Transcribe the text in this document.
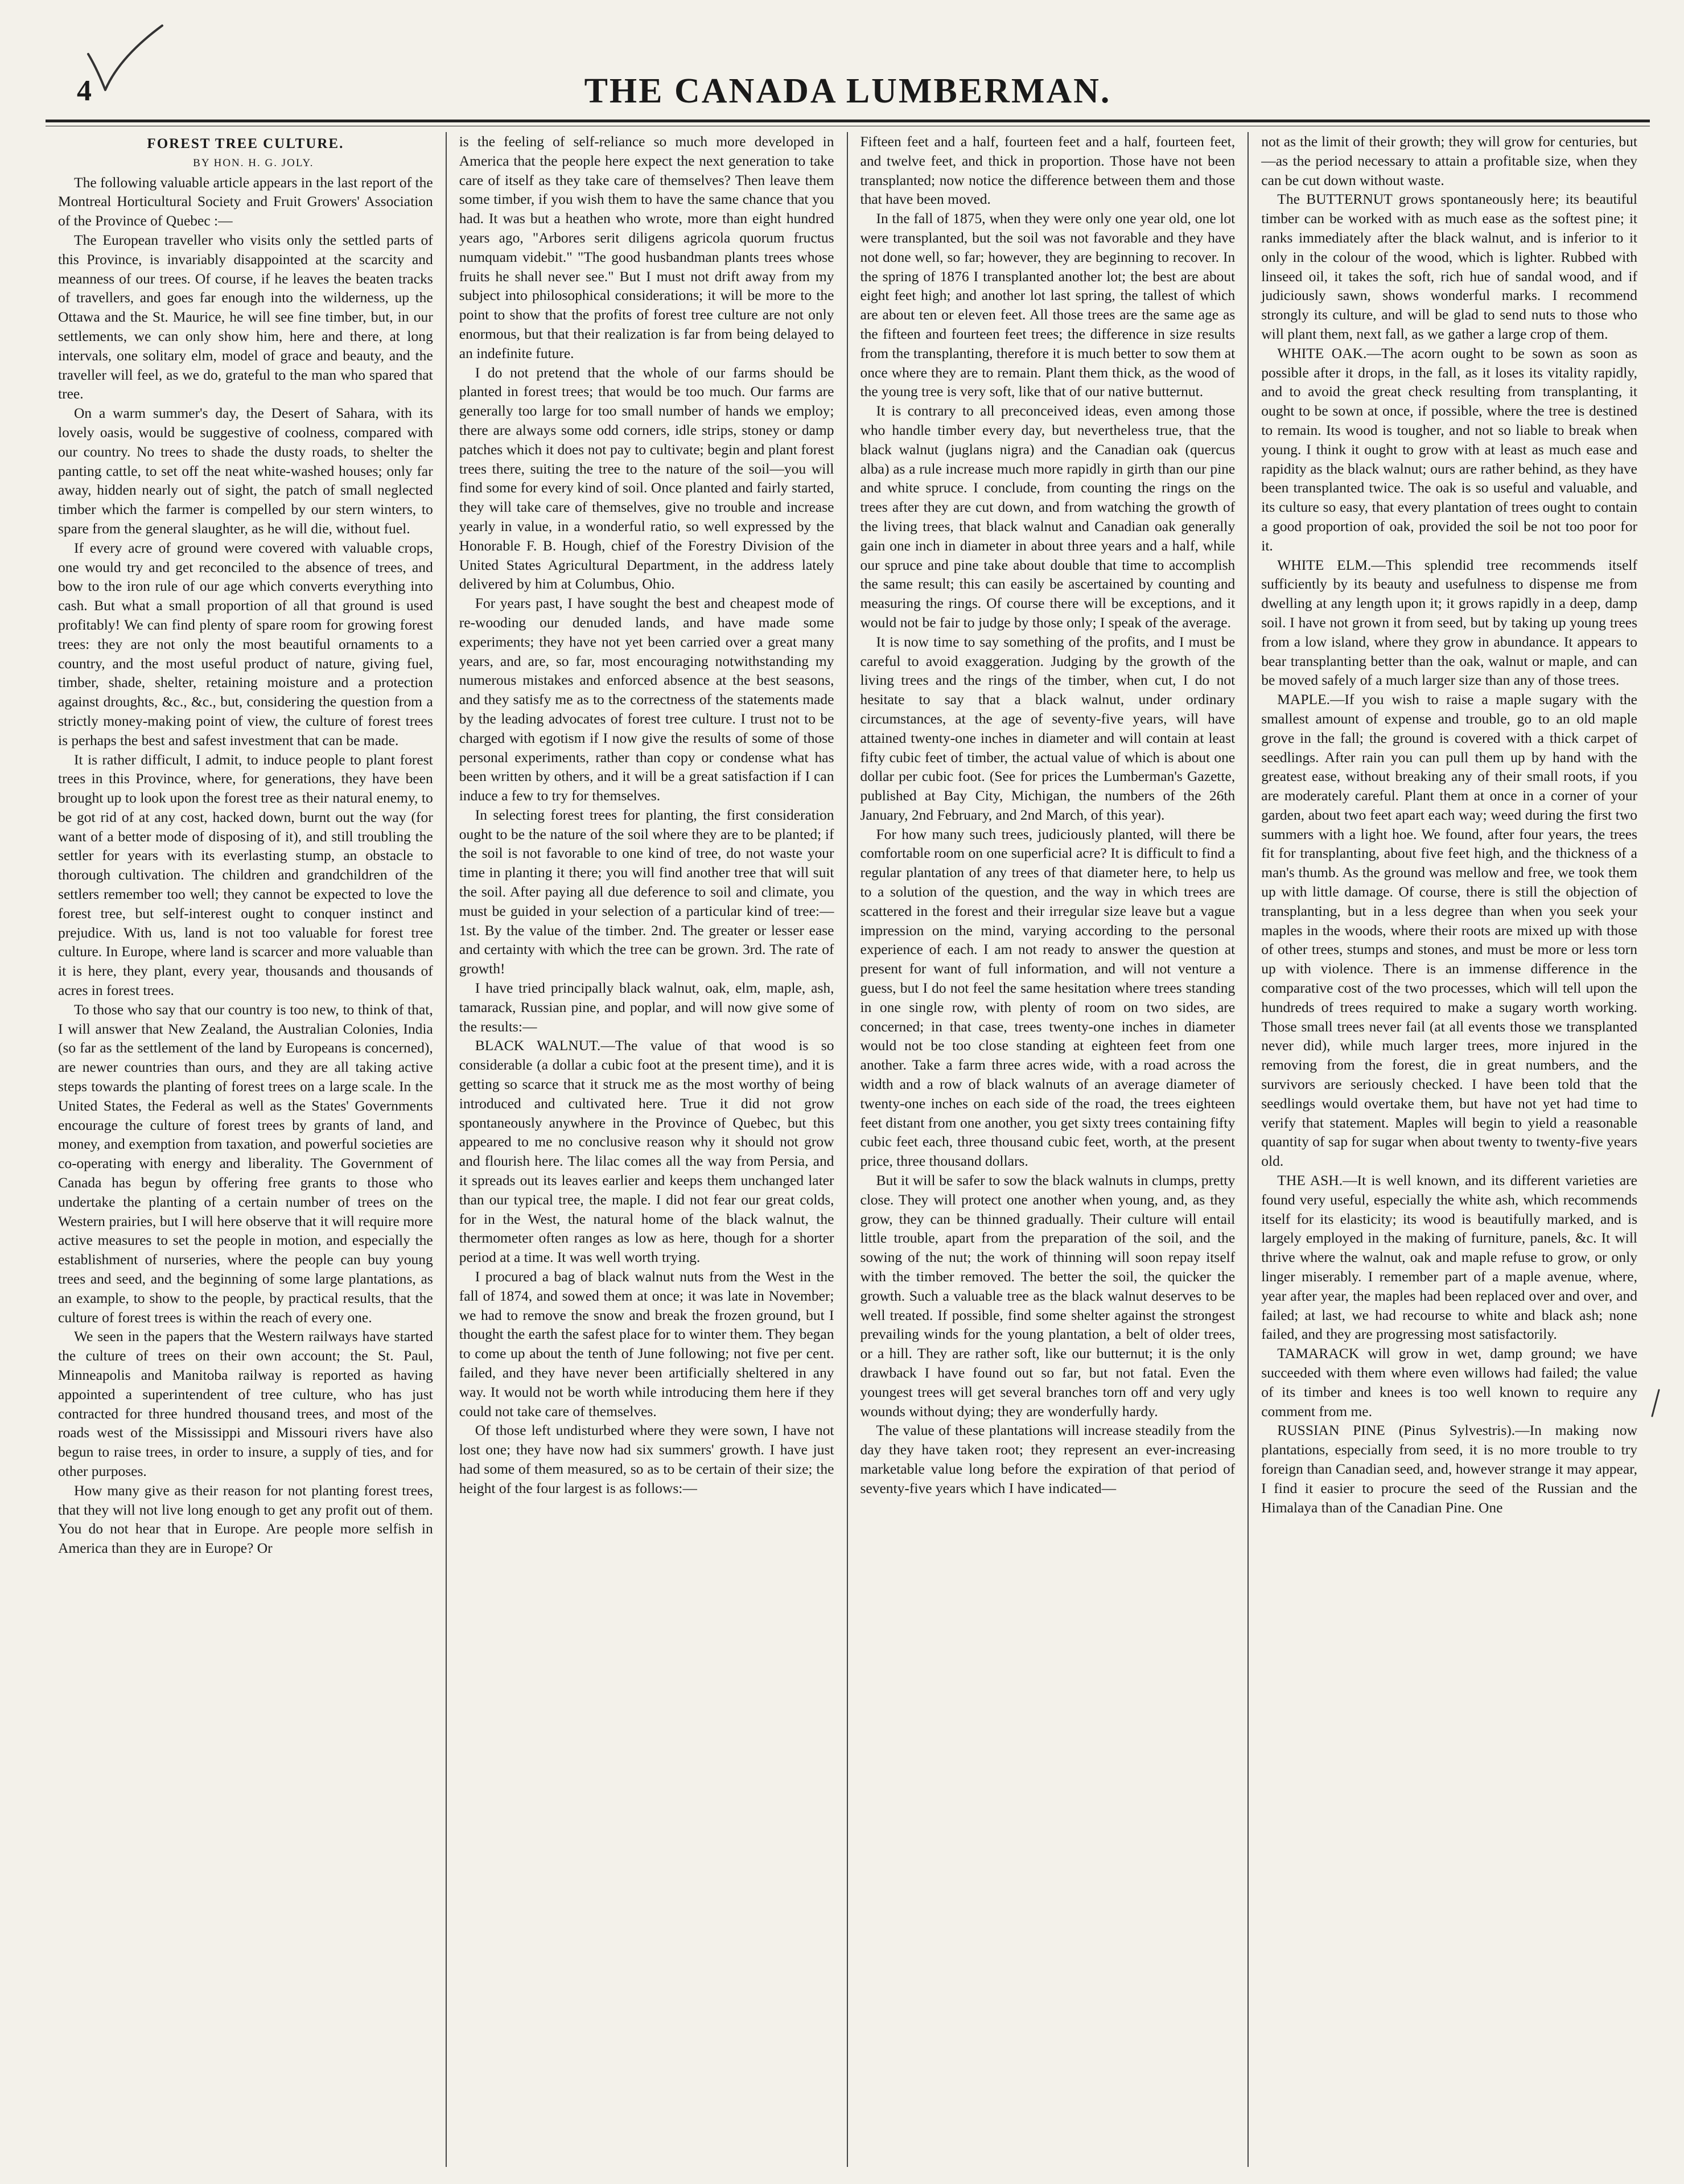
4	THE CANADA LUMBERMAN.
FOREST TREE CULTURE.

BY HON. H. G. JOLY.

The following valuable article appears in the last report of the Montreal Horticultural Society and Fruit Growers' Association of the Province of Quebec :—

The European traveller who visits only the settled parts of this Province, is invariably disappointed at the scarcity and meanness of our trees. Of course, if he leaves the beaten tracks of travellers, and goes far enough into the wilderness, up the Ottawa and the St. Maurice, he will see fine timber, but, in our settlements, we can only show him, here and there, at long intervals, one solitary elm, model of grace and beauty, and the traveller will feel, as we do, grateful to the man who spared that tree.

On a warm summer's day, the Desert of Sahara, with its lovely oasis, would be suggestive of coolness, compared with our country. No trees to shade the dusty roads, to shelter the panting cattle, to set off the neat white-washed houses; only far away, hidden nearly out of sight, the patch of small neglected timber which the farmer is compelled by our stern winters, to spare from the general slaughter, as he will die, without fuel.

If every acre of ground were covered with valuable crops, one would try and get reconciled to the absence of trees, and bow to the iron rule of our age which converts everything into cash. But what a small proportion of all that ground is used profitably! We can find plenty of spare room for growing forest trees: they are not only the most beautiful ornaments to a country, and the most useful product of nature, giving fuel, timber, shade, shelter, retaining moisture and a protection against droughts, &c., &c., but, considering the question from a strictly money-making point of view, the culture of forest trees is perhaps the best and safest investment that can be made.

It is rather difficult, I admit, to induce people to plant forest trees in this Province, where, for generations, they have been brought up to look upon the forest tree as their natural enemy, to be got rid of at any cost, hacked down, burnt out the way (for want of a better mode of disposing of it), and still troubling the settler for years with its everlasting stump, an obstacle to thorough cultivation. The children and grandchildren of the settlers remember too well; they cannot be expected to love the forest tree, but self-interest ought to conquer instinct and prejudice. With us, land is not too valuable for forest tree culture. In Europe, where land is scarcer and more valuable than it is here, they plant, every year, thousands and thousands of acres in forest trees.

To those who say that our country is too new, to think of that, I will answer that New Zealand, the Australian Colonies, India (so far as the settlement of the land by Europeans is concerned), are newer countries than ours, and they are all taking active steps towards the planting of forest trees on a large scale. In the United States, the Federal as well as the States' Governments encourage the culture of forest trees by grants of land, and money, and exemption from taxation, and powerful societies are co-operating with energy and liberality. The Government of Canada has begun by offering free grants to those who undertake the planting of a certain number of trees on the Western prairies, but I will here observe that it will require more active measures to set the people in motion, and especially the establishment of nurseries, where the people can buy young trees and seed, and the beginning of some large plantations, as an example, to show to the people, by practical results, that the culture of forest trees is within the reach of every one.

We seen in the papers that the Western railways have started the culture of trees on their own account; the St. Paul, Minneapolis and Manitoba railway is reported as having appointed a superintendent of tree culture, who has just contracted for three hundred thousand trees, and most of the roads west of the Mississippi and Missouri rivers have also begun to raise trees, in order to insure, a supply of ties, and for other purposes.

How many give as their reason for not planting forest trees, that they will not live long enough to get any profit out of them. You do not hear that in Europe. Are people more selfish in America than they are in Europe? Or

is the feeling of self-reliance so much more developed in America that the people here expect the next generation to take care of itself as they take care of themselves? Then leave them some timber, if you wish them to have the same chance that you had. It was but a heathen who wrote, more than eight hundred years ago, "Arbores serit diligens agricola quorum fructus numquam videbit." "The good husbandman plants trees whose fruits he shall never see." But I must not drift away from my subject into philosophical considerations; it will be more to the point to show that the profits of forest tree culture are not only enormous, but that their realization is far from being delayed to an indefinite future.

I do not pretend that the whole of our farms should be planted in forest trees; that would be too much. Our farms are generally too large for too small number of hands we employ; there are always some odd corners, idle strips, stoney or damp patches which it does not pay to cultivate; begin and plant forest trees there, suiting the tree to the nature of the soil—you will find some for every kind of soil. Once planted and fairly started, they will take care of themselves, give no trouble and increase yearly in value, in a wonderful ratio, so well expressed by the Honorable F. B. Hough, chief of the Forestry Division of the United States Agricultural Department, in the address lately delivered by him at Columbus, Ohio.

For years past, I have sought the best and cheapest mode of re-wooding our denuded lands, and have made some experiments; they have not yet been carried over a great many years, and are, so far, most encouraging notwithstanding my numerous mistakes and enforced absence at the best seasons, and they satisfy me as to the correctness of the statements made by the leading advocates of forest tree culture. I trust not to be charged with egotism if I now give the results of some of those personal experiments, rather than copy or condense what has been written by others, and it will be a great satisfaction if I can induce a few to try for themselves.

In selecting forest trees for planting, the first consideration ought to be the nature of the soil where they are to be planted; if the soil is not favorable to one kind of tree, do not waste your time in planting it there; you will find another tree that will suit the soil. After paying all due deference to soil and climate, you must be guided in your selection of a particular kind of tree:—1st. By the value of the timber. 2nd. The greater or lesser ease and certainty with which the tree can be grown. 3rd. The rate of growth!

I have tried principally black walnut, oak, elm, maple, ash, tamarack, Russian pine, and poplar, and will now give some of the results:—

BLACK WALNUT.—The value of that wood is so considerable (a dollar a cubic foot at the present time), and it is getting so scarce that it struck me as the most worthy of being introduced and cultivated here. True it did not grow spontaneously anywhere in the Province of Quebec, but this appeared to me no conclusive reason why it should not grow and flourish here. The lilac comes all the way from Persia, and it spreads out its leaves earlier and keeps them unchanged later than our typical tree, the maple. I did not fear our great colds, for in the West, the natural home of the black walnut, the thermometer often ranges as low as here, though for a shorter period at a time. It was well worth trying.

I procured a bag of black walnut nuts from the West in the fall of 1874, and sowed them at once; it was late in November; we had to remove the snow and break the frozen ground, but I thought the earth the safest place for to winter them. They began to come up about the tenth of June following; not five per cent. failed, and they have never been artificially sheltered in any way. It would not be worth while introducing them here if they could not take care of themselves.

Of those left undisturbed where they were sown, I have not lost one; they have now had six summers' growth. I have just had some of them measured, so as to be certain of their size; the height of the four largest is as follows:—

Fifteen feet and a half, fourteen feet and a half, fourteen feet, and twelve feet, and thick in proportion. Those have not been transplanted; now notice the difference between them and those that have been moved.

In the fall of 1875, when they were only one year old, one lot were transplanted, but the soil was not favorable and they have not done well, so far; however, they are beginning to recover. In the spring of 1876 I transplanted another lot; the best are about eight feet high; and another lot last spring, the tallest of which are about ten or eleven feet. All those trees are the same age as the fifteen and fourteen feet trees; the difference in size results from the transplanting, therefore it is much better to sow them at once where they are to remain. Plant them thick, as the wood of the young tree is very soft, like that of our native butternut.

It is contrary to all preconceived ideas, even among those who handle timber every day, but nevertheless true, that the black walnut (juglans nigra) and the Canadian oak (quercus alba) as a rule increase much more rapidly in girth than our pine and white spruce. I conclude, from counting the rings on the trees after they are cut down, and from watching the growth of the living trees, that black walnut and Canadian oak generally gain one inch in diameter in about three years and a half, while our spruce and pine take about double that time to accomplish the same result; this can easily be ascertained by counting and measuring the rings. Of course there will be exceptions, and it would not be fair to judge by those only; I speak of the average.

It is now time to say something of the profits, and I must be careful to avoid exaggeration. Judging by the growth of the living trees and the rings of the timber, when cut, I do not hesitate to say that a black walnut, under ordinary circumstances, at the age of seventy-five years, will have attained twenty-one inches in diameter and will contain at least fifty cubic feet of timber, the actual value of which is about one dollar per cubic foot. (See for prices the Lumberman's Gazette, published at Bay City, Michigan, the numbers of the 26th January, 2nd February, and 2nd March, of this year).

For how many such trees, judiciously planted, will there be comfortable room on one superficial acre? It is difficult to find a regular plantation of any trees of that diameter here, to help us to a solution of the question, and the way in which trees are scattered in the forest and their irregular size leave but a vague impression on the mind, varying according to the personal experience of each. I am not ready to answer the question at present for want of full information, and will not venture a guess, but I do not feel the same hesitation where trees standing in one single row, with plenty of room on two sides, are concerned; in that case, trees twenty-one inches in diameter would not be too close standing at eighteen feet from one another. Take a farm three acres wide, with a road across the width and a row of black walnuts of an average diameter of twenty-one inches on each side of the road, the trees eighteen feet distant from one another, you get sixty trees containing fifty cubic feet each, three thousand cubic feet, worth, at the present price, three thousand dollars.

But it will be safer to sow the black walnuts in clumps, pretty close. They will protect one another when young, and, as they grow, they can be thinned gradually. Their culture will entail little trouble, apart from the preparation of the soil, and the sowing of the nut; the work of thinning will soon repay itself with the timber removed. The better the soil, the quicker the growth. Such a valuable tree as the black walnut deserves to be well treated. If possible, find some shelter against the strongest prevailing winds for the young plantation, a belt of older trees, or a hill. They are rather soft, like our butternut; it is the only drawback I have found out so far, but not fatal. Even the youngest trees will get several branches torn off and very ugly wounds without dying; they are wonderfully hardy.

The value of these plantations will increase steadily from the day they have taken root; they represent an ever-increasing marketable value long before the expiration of that period of seventy-five years which I have indicated—

not as the limit of their growth; they will grow for centuries, but—as the period necessary to attain a profitable size, when they can be cut down without waste.

The BUTTERNUT grows spontaneously here; its beautiful timber can be worked with as much ease as the softest pine; it ranks immediately after the black walnut, and is inferior to it only in the colour of the wood, which is lighter. Rubbed with linseed oil, it takes the soft, rich hue of sandal wood, and if judiciously sawn, shows wonderful marks. I recommend strongly its culture, and will be glad to send nuts to those who will plant them, next fall, as we gather a large crop of them.

WHITE OAK.—The acorn ought to be sown as soon as possible after it drops, in the fall, as it loses its vitality rapidly, and to avoid the great check resulting from transplanting, it ought to be sown at once, if possible, where the tree is destined to remain. Its wood is tougher, and not so liable to break when young. I think it ought to grow with at least as much ease and rapidity as the black walnut; ours are rather behind, as they have been transplanted twice. The oak is so useful and valuable, and its culture so easy, that every plantation of trees ought to contain a good proportion of oak, provided the soil be not too poor for it.

WHITE ELM.—This splendid tree recommends itself sufficiently by its beauty and usefulness to dispense me from dwelling at any length upon it; it grows rapidly in a deep, damp soil. I have not grown it from seed, but by taking up young trees from a low island, where they grow in abundance. It appears to bear transplanting better than the oak, walnut or maple, and can be moved safely of a much larger size than any of those trees.

MAPLE.—If you wish to raise a maple sugary with the smallest amount of expense and trouble, go to an old maple grove in the fall; the ground is covered with a thick carpet of seedlings. After rain you can pull them up by hand with the greatest ease, without breaking any of their small roots, if you are moderately careful. Plant them at once in a corner of your garden, about two feet apart each way; weed during the first two summers with a light hoe. We found, after four years, the trees fit for transplanting, about five feet high, and the thickness of a man's thumb. As the ground was mellow and free, we took them up with little damage. Of course, there is still the objection of transplanting, but in a less degree than when you seek your maples in the woods, where their roots are mixed up with those of other trees, stumps and stones, and must be more or less torn up with violence. There is an immense difference in the comparative cost of the two processes, which will tell upon the hundreds of trees required to make a sugary worth working. Those small trees never fail (at all events those we transplanted never did), while much larger trees, more injured in the removing from the forest, die in great numbers, and the survivors are seriously checked. I have been told that the seedlings would overtake them, but have not yet had time to verify that statement. Maples will begin to yield a reasonable quantity of sap for sugar when about twenty to twenty-five years old.

THE ASH.—It is well known, and its different varieties are found very useful, especially the white ash, which recommends itself for its elasticity; its wood is beautifully marked, and is largely employed in the making of furniture, panels, &c. It will thrive where the walnut, oak and maple refuse to grow, or only linger miserably. I remember part of a maple avenue, where, year after year, the maples had been replaced over and over, and failed; at last, we had recourse to white and black ash; none failed, and they are progressing most satisfactorily.

TAMARACK will grow in wet, damp ground; we have succeeded with them where even willows had failed; the value of its timber and knees is too well known to require any comment from me.

RUSSIAN PINE (Pinus Sylvestris).—In making now plantations, especially from seed, it is no more trouble to try foreign than Canadian seed, and, however strange it may appear, I find it easier to procure the seed of the Russian and the Himalaya than of the Canadian Pine. One
